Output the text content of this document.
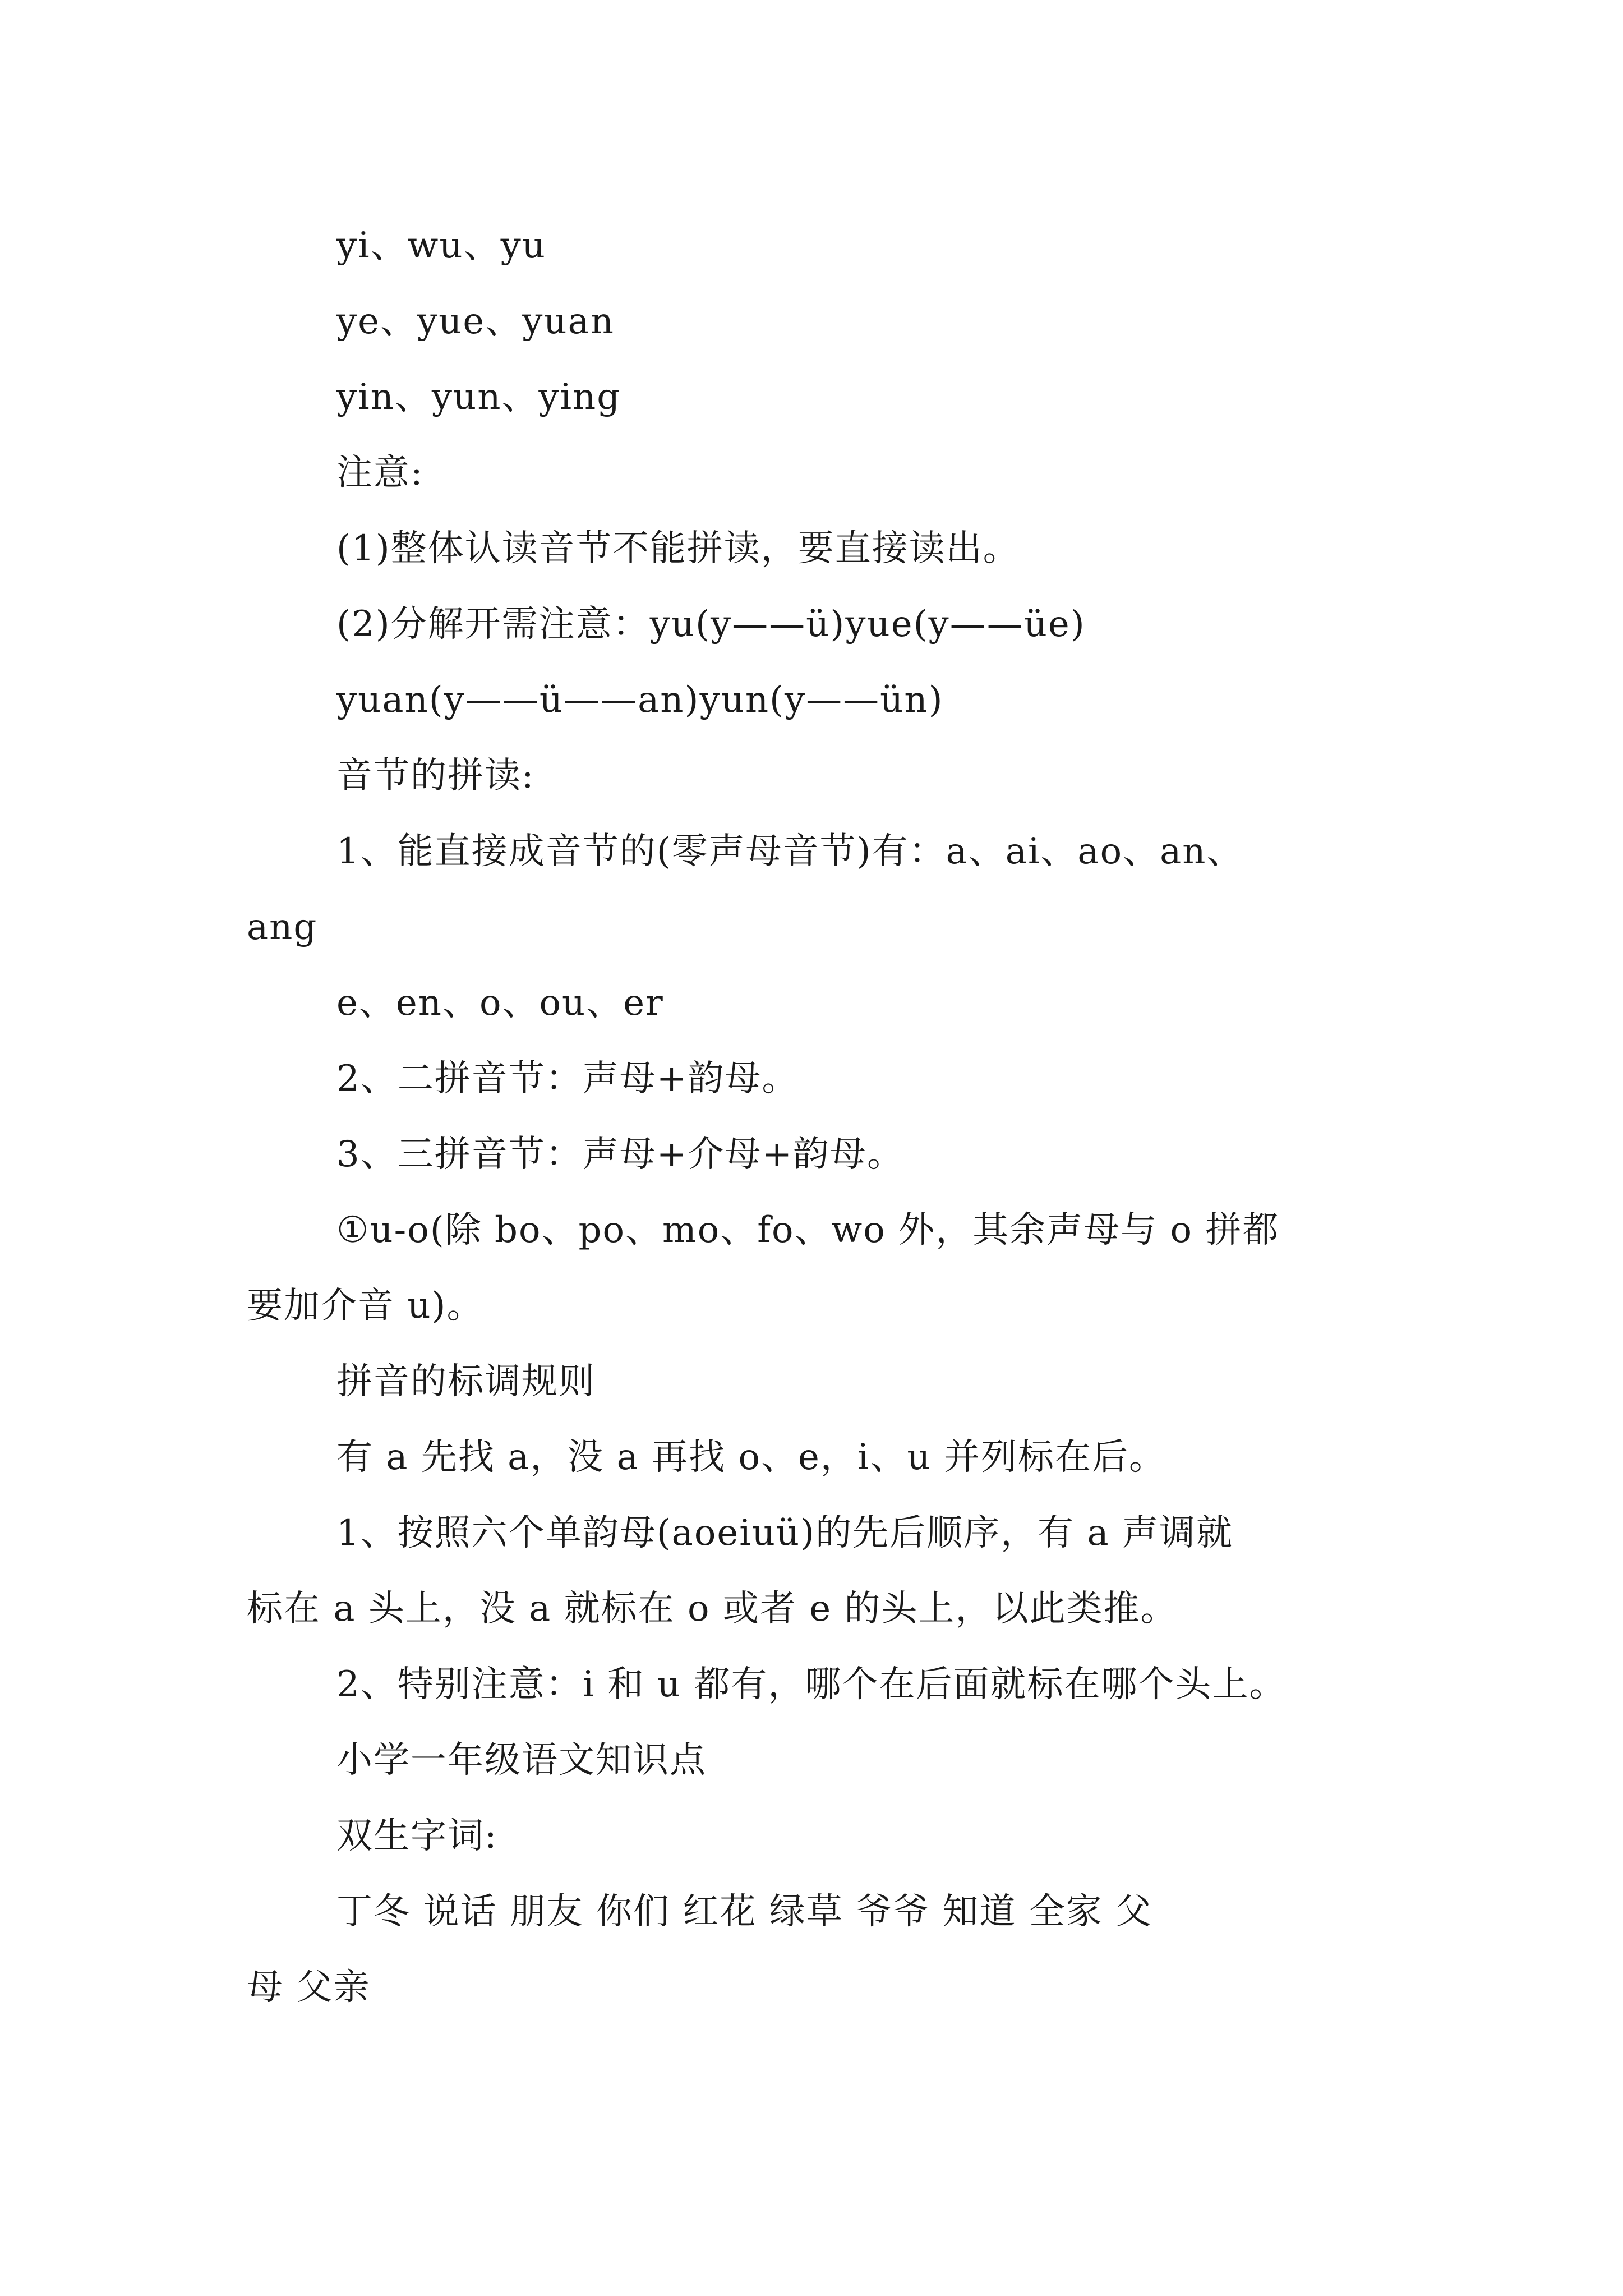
yi、wu、yu
ye、yue、yuan
yin、yun、ying
注意:
(1)整体认读音节不能拼读，要直接读出。
(2)分解开需注意：yu(y——ü)yue(y——üe)
yuan(y——ü——an)yun(y——ün)
音节的拼读:
1、能直接成音节的(零声母音节)有：a、ai、ao、an、
ang
e、en、o、ou、er
2、二拼音节：声母+韵母。
3、三拼音节：声母+介母+韵母。
①u-o(除 bo、po、mo、fo、wo 外，其余声母与 o 拼都
要加介音 u)。
拼音的标调规则
有 a 先找 a，没 a 再找 o、e，i、u 并列标在后。
1、按照六个单韵母(aoeiuü)的先后顺序，有 a 声调就
标在 a 头上，没 a 就标在 o 或者 e 的头上，以此类推。
2、特别注意：i 和 u 都有，哪个在后面就标在哪个头上。
小学一年级语文知识点
双生字词:
丁冬 说话 朋友 你们 红花 绿草 爷爷 知道 全家 父
母 父亲
